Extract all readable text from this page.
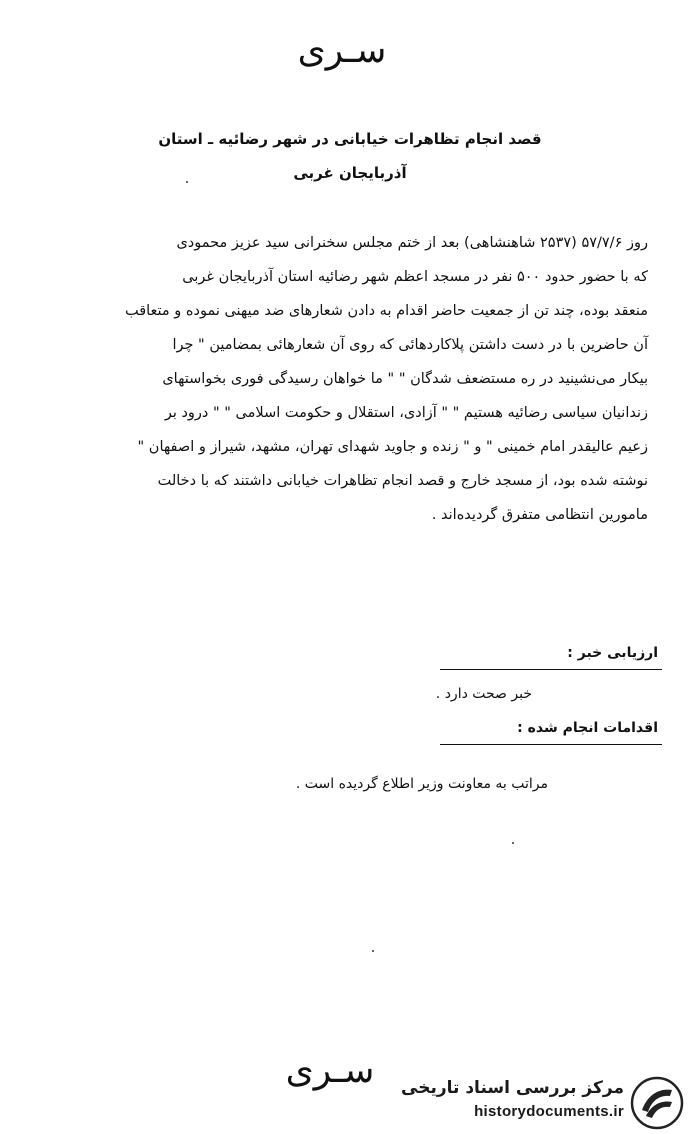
سـری
قصد انجام تظاهرات خیابانی در شهر رضائیه ـ استان
آذربایجان غربی

روز ۵۷/۷/۶ (۲۵۳۷ شاهنشاهی) بعد از ختم مجلس سخنرانی سید عزیز محمودی

که با حضور حدود ۵۰۰ نفر در مسجد اعظم شهر رضائیه استان آذربایجان غربی

منعقد بوده، چند تن از جمعیت حاضر اقدام به دادن شعارهای ضد میهنی نموده و متعاقب

آن حاضرین با در دست داشتن پلاکاردهائی که روی آن شعارهائی بمضامین " چرا

بیکار می‌نشینید در ره مستضعف شدگان " " ما خواهان رسیدگی فوری بخواستهای

زندانیان سیاسی رضائیه هستیم " " آزادی، استقلال و حکومت اسلامی " " درود بر

زعیم عالیقدر امام خمینی " و " زنده و جاوید شهدای تهران، مشهد، شیراز و اصفهان "

نوشته شده بود، از مسجد خارج و قصد انجام تظاهرات خیابانی داشتند که با دخالت

مامورین انتظامی متفرق گردیده‌اند .

ارزیابی خبر :
خبر صحت دارد .
اقدامات انجام شده :
مراتب به معاونت وزیر اطلاع گردیده است .
سـری	مرکز بررسی اسناد تاریخی
historydocuments.ir
